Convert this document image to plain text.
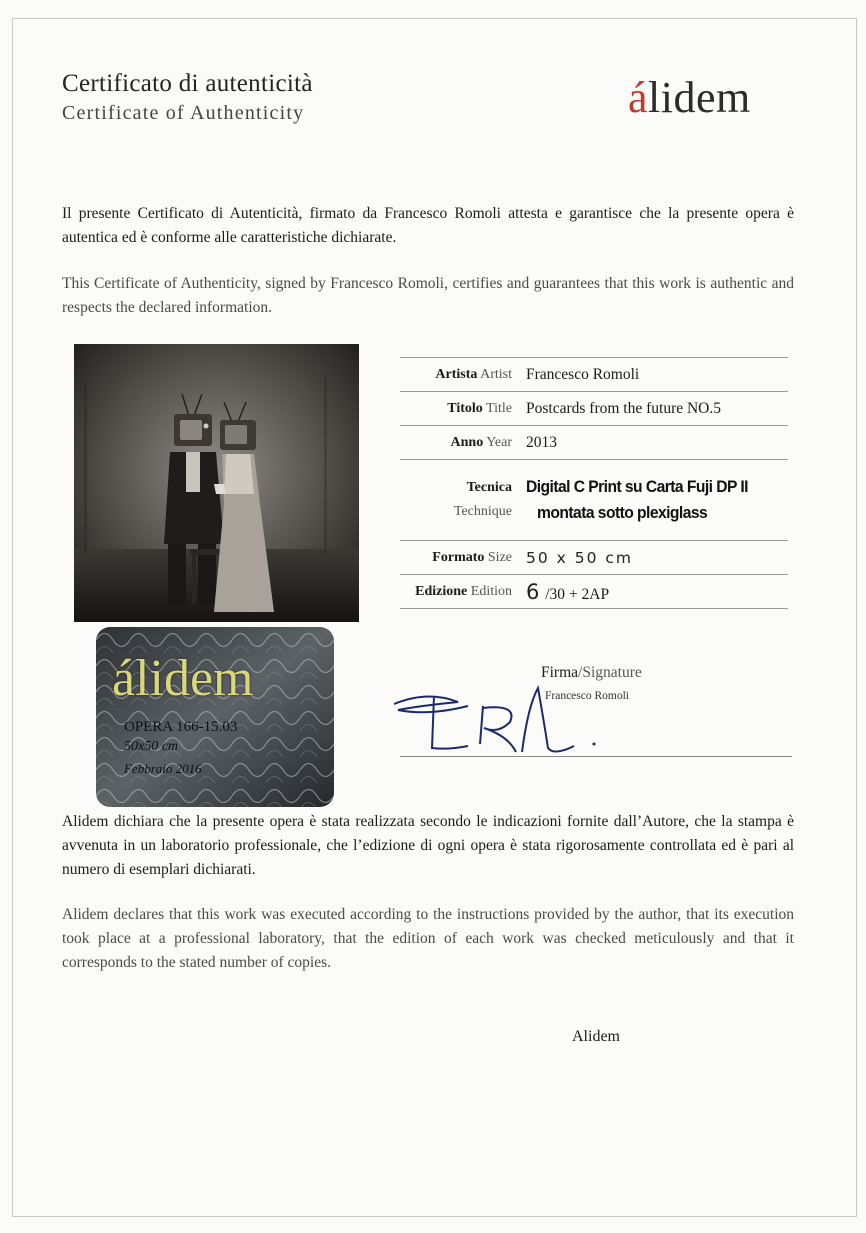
Certificato di autenticità
Certificate of Authenticity	álidem
Il presente Certificato di Autenticità, firmato da Francesco Romoli attesta e garantisce che la presente opera è autentica ed è conforme alle caratteristiche dichiarate.
This Certificate of Authenticity, signed by Francesco Romoli, certifies and guarantees that this work is authentic and respects the declared information.
Artista Artist Francesco Romoli
Titolo Title Postcards from the future NO.5
Anno Year 2013
Tecnica
Technique
Digital C Print su Carta Fuji DP II
montata sotto plexiglass
Formato Size 50 x 50 cm
Edizione Edition 6 /30 + 2AP
álidem
OPERA 166-15.03
50x50 cm
Febbraio 2016
Firma/Signature
Francesco Romoli
Alidem dichiara che la presente opera è stata realizzata secondo le indicazioni fornite dall’Autore, che la stampa è avvenuta in un laboratorio professionale, che l’edizione di ogni opera è stata rigorosamente controllata ed è pari al numero di esemplari dichiarati.
Alidem declares that this work was executed according to the instructions provided by the author, that its execution took place at a professional laboratory, that the edition of each work was checked meticulously and that it corresponds to the stated number of copies.
Alidem
